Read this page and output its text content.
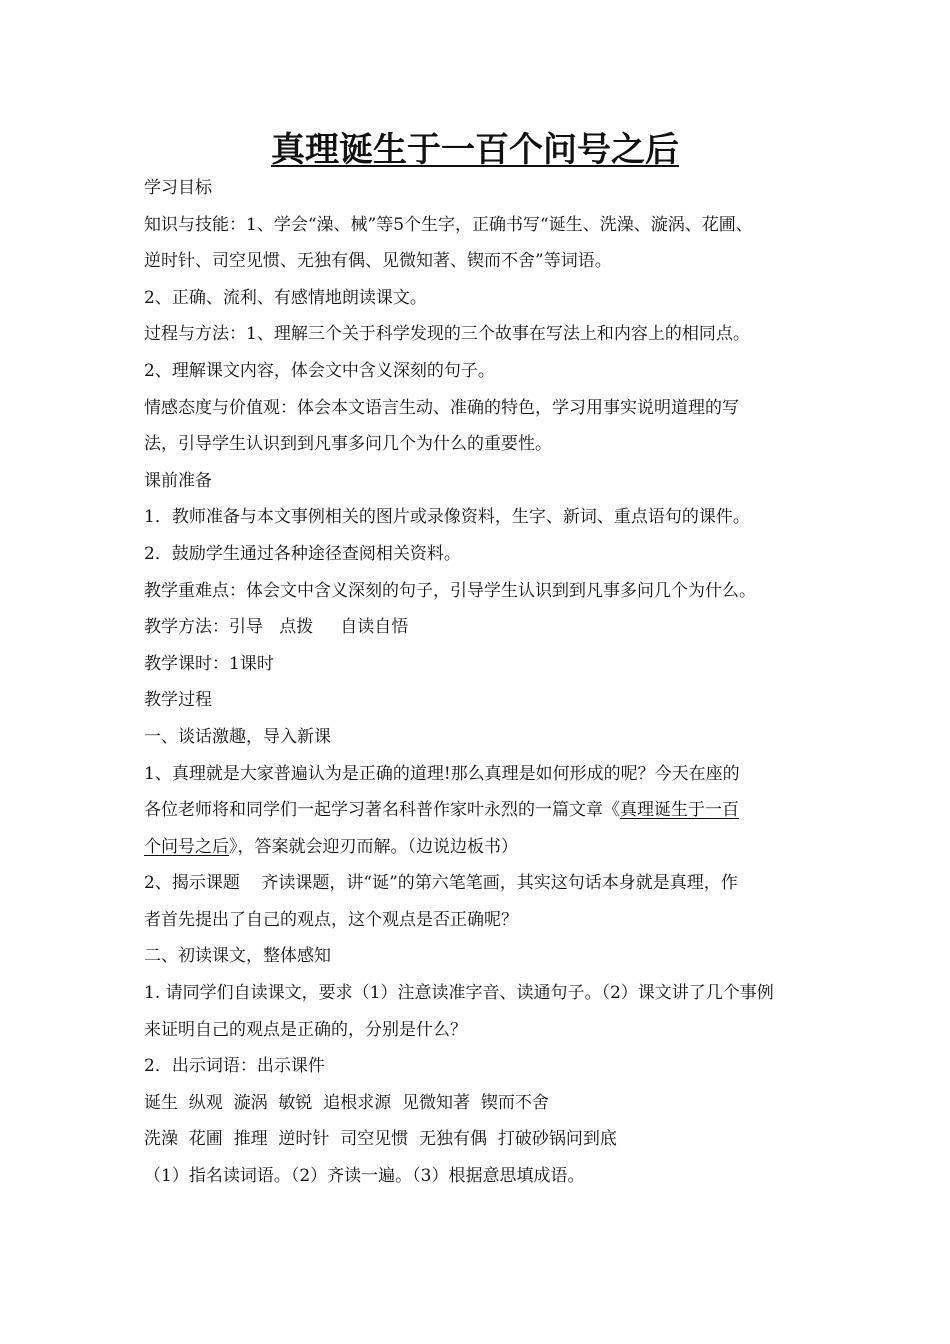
真理诞生于一百个问号之后

学习目标

知识与技能：1、学会“澡、械”等5个生字，正确书写“诞生、洗澡、漩涡、花圃、

逆时针、司空见惯、无独有偶、见微知著、锲而不舍”等词语。

2、正确、流利、有感情地朗读课文。

过程与方法：1、理解三个关于科学发现的三个故事在写法上和内容上的相同点。

2、理解课文内容，体会文中含义深刻的句子。

情感态度与价值观：体会本文语言生动、准确的特色，学习用事实说明道理的写

法，引导学生认识到到凡事多问几个为什么的重要性。

课前准备

1．教师准备与本文事例相关的图片或录像资料，生字、新词、重点语句的课件。

2．鼓励学生通过各种途径查阅相关资料。

教学重难点：体会文中含义深刻的句子，引导学生认识到到凡事多问几个为什么。

教学方法：引导   点拨     自读自悟

教学课时：1课时

教学过程

一、谈话激趣，导入新课

1、真理就是大家普遍认为是正确的道理!那么真理是如何形成的呢？今天在座的

各位老师将和同学们一起学习著名科普作家叶永烈的一篇文章《真理诞生于一百

个问号之后》，答案就会迎刃而解。（边说边板书）

2、揭示课题    齐读课题，讲“诞”的第六笔笔画，其实这句话本身就是真理，作

者首先提出了自己的观点，这个观点是否正确呢？

二、初读课文，整体感知

1. 请同学们自读课文，要求（1）注意读准字音、读通句子。（2）课文讲了几个事例

来证明自己的观点是正确的，分别是什么？

2．出示词语：出示课件

诞生  纵观  漩涡  敏锐  追根求源  见微知著  锲而不舍

洗澡  花圃  推理  逆时针  司空见惯  无独有偶  打破砂锅问到底

（1）指名读词语。（2）齐读一遍。（3）根据意思填成语。
